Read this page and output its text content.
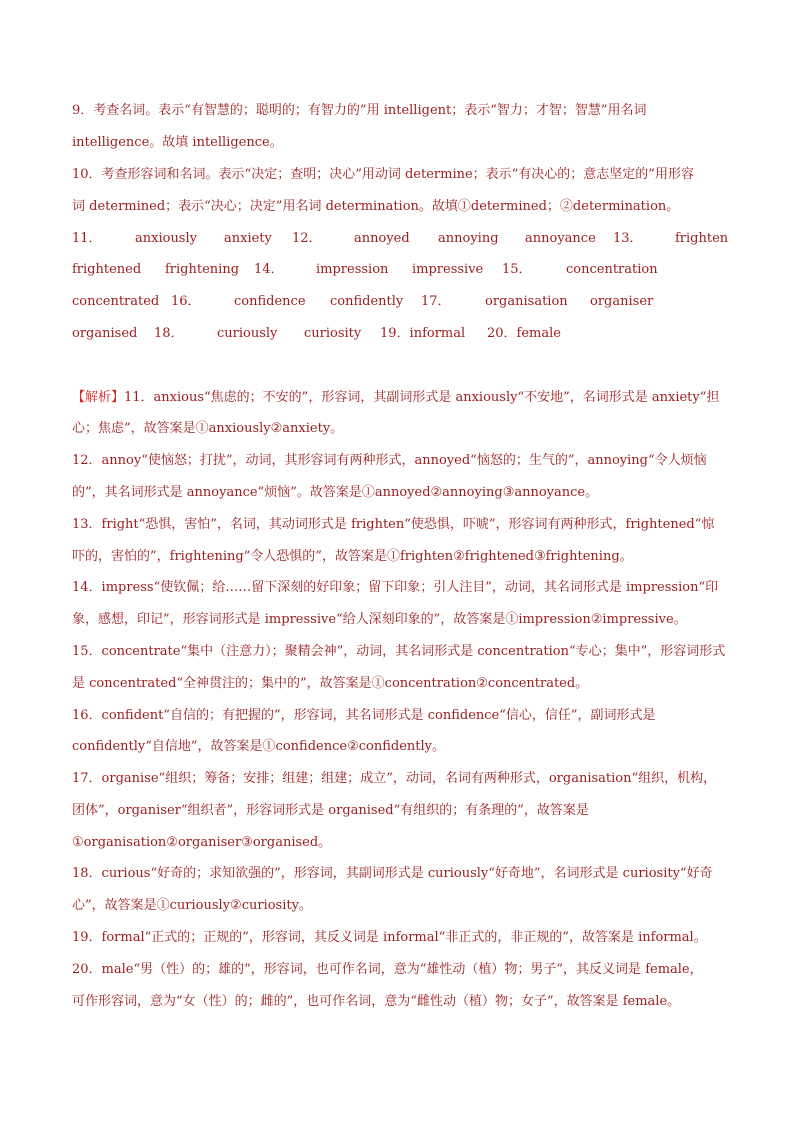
9．考查名词。表示“有智慧的；聪明的；有智力的”用 intelligent；表示“智力；才智；智慧”用名词
intelligence。故填 intelligence。
10．考查形容词和名词。表示“决定；查明；决心”用动词 determine；表示“有决心的；意志坚定的”用形容
词 determined；表示“决心；决定”用名词 determination。故填①determined；②determination。
11．	anxiously anxiety 12． annoyed annoying annoyance 13． frighten
frightened frightening 14． impression impressive 15．	concentration
concentrated 16．	confidence confidently 17．	organisation organiser
organised 18．	curiously curiosity 19．informal 20．female
【解析】11．anxious“焦虑的；不安的”，形容词，其副词形式是 anxiously“不安地”，名词形式是 anxiety“担
心；焦虑”，故答案是①anxiously②anxiety。
12．annoy“使恼怒；打扰”，动词，其形容词有两种形式，annoyed“恼怒的；生气的”，annoying“令人烦恼
的”，其名词形式是 annoyance“烦恼”。故答案是①annoyed②annoying③annoyance。
13．fright“恐惧，害怕”，名词，其动词形式是 frighten“使恐惧，吓唬”，形容词有两种形式，frightened“惊
吓的，害怕的”，frightening“令人恐惧的”，故答案是①frighten②frightened③frightening。
14．impress“使钦佩；给……留下深刻的好印象；留下印象；引人注目”，动词，其名词形式是 impression“印
象，感想，印记”，形容词形式是 impressive“给人深刻印象的”，故答案是①impression②impressive。
15．concentrate“集中（注意力）；聚精会神”，动词，其名词形式是 concentration“专心；集中”，形容词形式
是 concentrated“全神贯注的；集中的”，故答案是①concentration②concentrated。
16．confident“自信的；有把握的”，形容词，其名词形式是 confidence“信心，信任”，副词形式是
confidently“自信地”，故答案是①confidence②confidently。
17．organise“组织；筹备；安排；组建；组建；成立”，动词，名词有两种形式，organisation“组织，机构，
团体”，organiser“组织者”，形容词形式是 organised“有组织的；有条理的”，故答案是
①organisation②organiser③organised。
18．curious“好奇的；求知欲强的”，形容词，其副词形式是 curiously“好奇地”，名词形式是 curiosity“好奇
心”，故答案是①curiously②curiosity。
19．formal“正式的；正规的”，形容词，其反义词是 informal“非正式的，非正规的”，故答案是 informal。
20．male“男（性）的；雄的”，形容词，也可作名词，意为“雄性动（植）物；男子”，其反义词是 female，
可作形容词，意为“女（性）的；雌的”，也可作名词，意为“雌性动（植）物；女子”，故答案是 female。
